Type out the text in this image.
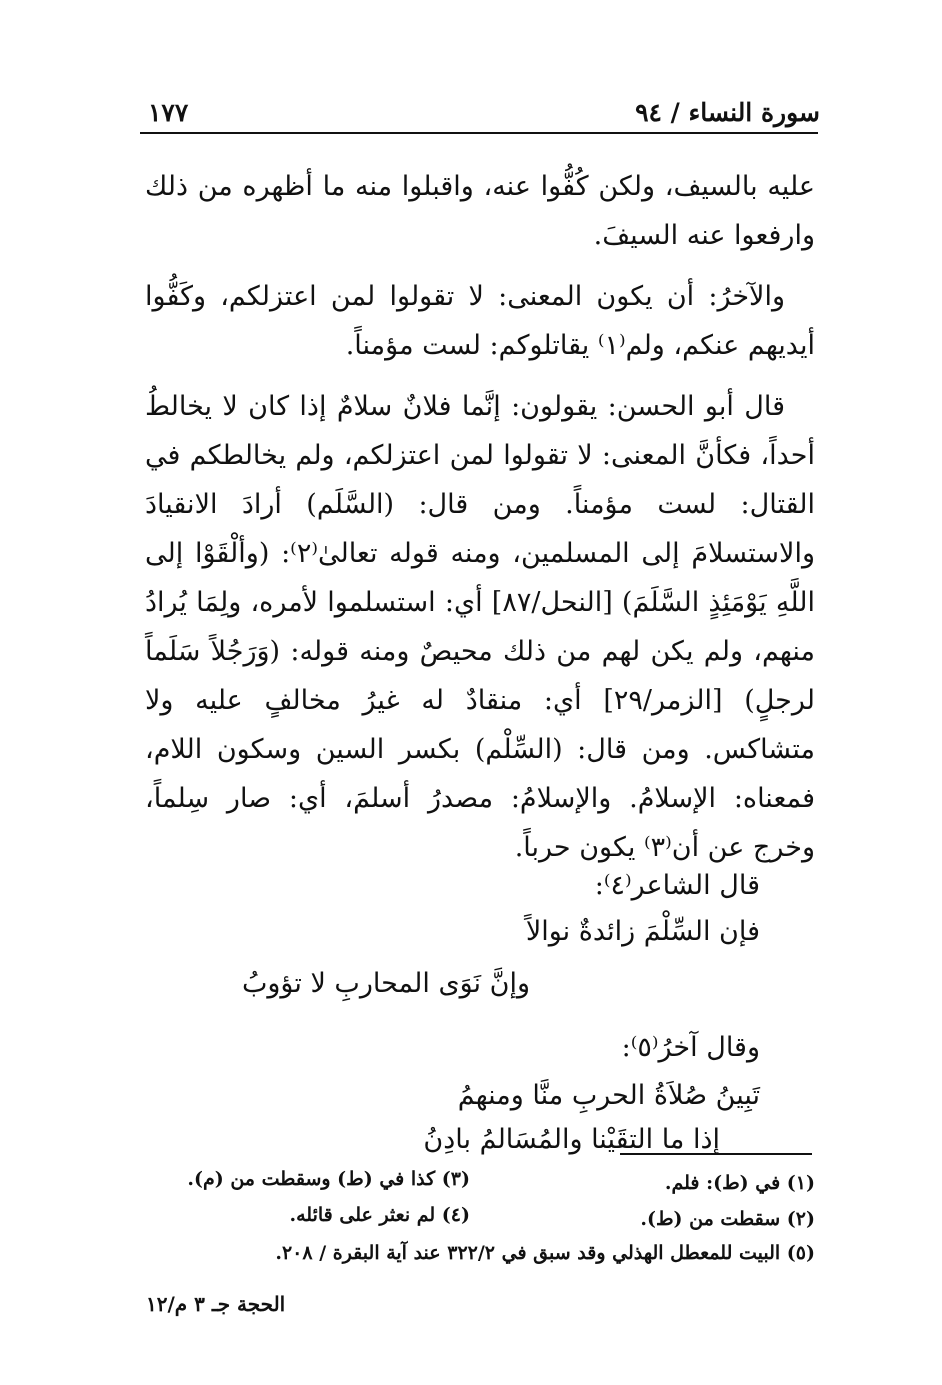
سورة النساء / ٩٤
١٧٧

عليه بالسيف، ولكن كُفُّوا عنه، واقبلوا منه ما أظهره من ذلك وارفعوا عنه السيفَ.

والآخرُ: أن يكون المعنى: لا تقولوا لمن اعتزلكم، وكَفُّوا أيديهم عنكم، ولم⁽١⁾ يقاتلوكم: لست مؤمناً.

قال أبو الحسن: يقولون: إنَّما فلانٌ سلامٌ إذا كان لا يخالطُ أحداً، فكأنَّ المعنى: لا تقولوا لمن اعتزلكم، ولم يخالطكم في القتال: لست مؤمناً. ومن قال: (السَّلَم) أرادَ الانقيادَ والاستسلامَ إلى المسلمين، ومنه قوله تعالىٰ⁽٢⁾: (وألْقَوْا إلى اللَّهِ يَوْمَئِذٍ السَّلَمَ) [النحل/٨٧] أي: استسلموا لأمره، ولِمَا يُرادُ منهم، ولم يكن لهم من ذلك محيصٌ ومنه قوله: (وَرَجُلاً سَلَماً لرجلٍ) [الزمر/٢٩] أي: منقادٌ له غيرُ مخالفٍ عليه ولا متشاكس. ومن قال: (السِّلْم) بكسر السين وسكون اللام، فمعناه: الإسلامُ. والإسلامُ: مصدرُ أسلمَ، أي: صار سِلماً، وخرج عن أن⁽٣⁾ يكون حرباً.

قال الشاعر⁽٤⁾:
فإن السِّلْمَ زائدةٌ نوالاً
وإنَّ نَوَى المحاربِ لا تؤوبُ
وقال آخرُ⁽٥⁾:
تَبِينُ صُلاَةُ الحربِ منَّا ومنهمُ
إذا ما التقَيْنا والمُسَالمُ بادِنُ
(١) في (ط): فلم.
(٣) كذا في (ط) وسقطت من (م).
(٢) سقطت من (ط).
(٤) لم نعثر على قائله.
(٥) البيت للمعطل الهذلي وقد سبق في ٣٢٢/٢ عند آية البقرة / ٢٠٨.
الحجة جـ ٣ م/١٢
